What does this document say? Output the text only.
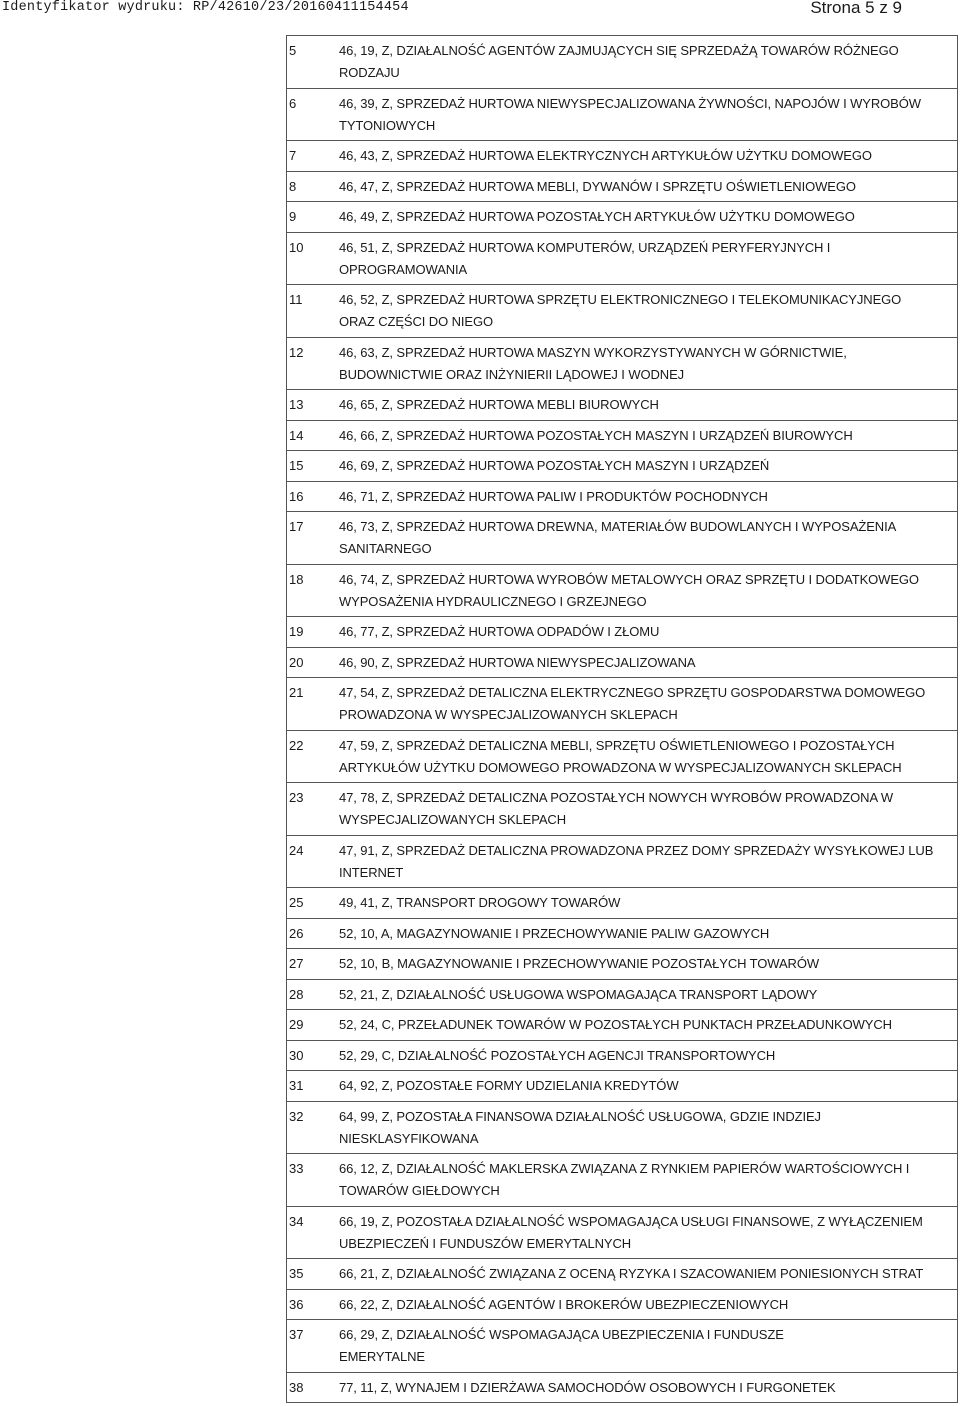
Identyfikator wydruku: RP/42610/23/20160411154454	Strona 5 z 9
5	46, 19, Z, DZIAŁALNOŚĆ AGENTÓW ZAJMUJĄCYCH SIĘ SPRZEDAŻĄ TOWARÓW RÓŻNEGO
RODZAJU
6	46, 39, Z, SPRZEDAŻ HURTOWA NIEWYSPECJALIZOWANA ŻYWNOŚCI, NAPOJÓW I WYROBÓW
TYTONIOWYCH
7	46, 43, Z, SPRZEDAŻ HURTOWA ELEKTRYCZNYCH ARTYKUŁÓW UŻYTKU DOMOWEGO
8	46, 47, Z, SPRZEDAŻ HURTOWA MEBLI, DYWANÓW I SPRZĘTU OŚWIETLENIOWEGO
9	46, 49, Z, SPRZEDAŻ HURTOWA POZOSTAŁYCH ARTYKUŁÓW UŻYTKU DOMOWEGO
10	46, 51, Z, SPRZEDAŻ HURTOWA KOMPUTERÓW, URZĄDZEŃ PERYFERYJNYCH I
OPROGRAMOWANIA
11	46, 52, Z, SPRZEDAŻ HURTOWA SPRZĘTU ELEKTRONICZNEGO I TELEKOMUNIKACYJNEGO
ORAZ CZĘŚCI DO NIEGO
12	46, 63, Z, SPRZEDAŻ HURTOWA MASZYN WYKORZYSTYWANYCH W GÓRNICTWIE,
BUDOWNICTWIE ORAZ INŻYNIERII LĄDOWEJ I WODNEJ
13	46, 65, Z, SPRZEDAŻ HURTOWA MEBLI BIUROWYCH
14	46, 66, Z, SPRZEDAŻ HURTOWA POZOSTAŁYCH MASZYN I URZĄDZEŃ BIUROWYCH
15	46, 69, Z, SPRZEDAŻ HURTOWA POZOSTAŁYCH MASZYN I URZĄDZEŃ
16	46, 71, Z, SPRZEDAŻ HURTOWA PALIW I PRODUKTÓW POCHODNYCH
17	46, 73, Z, SPRZEDAŻ HURTOWA DREWNA, MATERIAŁÓW BUDOWLANYCH I WYPOSAŻENIA
SANITARNEGO
18	46, 74, Z, SPRZEDAŻ HURTOWA WYROBÓW METALOWYCH ORAZ SPRZĘTU I DODATKOWEGO
WYPOSAŻENIA HYDRAULICZNEGO I GRZEJNEGO
19	46, 77, Z, SPRZEDAŻ HURTOWA ODPADÓW I ZŁOMU
20	46, 90, Z, SPRZEDAŻ HURTOWA NIEWYSPECJALIZOWANA
21	47, 54, Z, SPRZEDAŻ DETALICZNA ELEKTRYCZNEGO SPRZĘTU GOSPODARSTWA DOMOWEGO
PROWADZONA W WYSPECJALIZOWANYCH SKLEPACH
22	47, 59, Z, SPRZEDAŻ DETALICZNA MEBLI, SPRZĘTU OŚWIETLENIOWEGO I POZOSTAŁYCH
ARTYKUŁÓW UŻYTKU DOMOWEGO PROWADZONA W WYSPECJALIZOWANYCH SKLEPACH
23	47, 78, Z, SPRZEDAŻ DETALICZNA POZOSTAŁYCH NOWYCH WYROBÓW PROWADZONA W
WYSPECJALIZOWANYCH SKLEPACH
24	47, 91, Z, SPRZEDAŻ DETALICZNA PROWADZONA PRZEZ DOMY SPRZEDAŻY WYSYŁKOWEJ LUB
INTERNET
25	49, 41, Z, TRANSPORT DROGOWY TOWARÓW
26	52, 10, A, MAGAZYNOWANIE I PRZECHOWYWANIE PALIW GAZOWYCH
27	52, 10, B, MAGAZYNOWANIE I PRZECHOWYWANIE POZOSTAŁYCH TOWARÓW
28	52, 21, Z, DZIAŁALNOŚĆ USŁUGOWA WSPOMAGAJĄCA TRANSPORT LĄDOWY
29	52, 24, C, PRZEŁADUNEK TOWARÓW W POZOSTAŁYCH PUNKTACH PRZEŁADUNKOWYCH
30	52, 29, C, DZIAŁALNOŚĆ POZOSTAŁYCH AGENCJI TRANSPORTOWYCH
31	64, 92, Z, POZOSTAŁE FORMY UDZIELANIA KREDYTÓW
32	64, 99, Z, POZOSTAŁA FINANSOWA DZIAŁALNOŚĆ USŁUGOWA, GDZIE INDZIEJ
NIESKLASYFIKOWANA
33	66, 12, Z, DZIAŁALNOŚĆ MAKLERSKA ZWIĄZANA Z RYNKIEM PAPIERÓW WARTOŚCIOWYCH I
TOWARÓW GIEŁDOWYCH
34	66, 19, Z, POZOSTAŁA DZIAŁALNOŚĆ WSPOMAGAJĄCA USŁUGI FINANSOWE, Z WYŁĄCZENIEM
UBEZPIECZEŃ I FUNDUSZÓW EMERYTALNYCH
35	66, 21, Z, DZIAŁALNOŚĆ ZWIĄZANA Z OCENĄ RYZYKA I SZACOWANIEM PONIESIONYCH STRAT
36	66, 22, Z, DZIAŁALNOŚĆ AGENTÓW I BROKERÓW UBEZPIECZENIOWYCH
37	66, 29, Z, DZIAŁALNOŚĆ WSPOMAGAJĄCA UBEZPIECZENIA I FUNDUSZE
EMERYTALNE
38	77, 11, Z, WYNAJEM I DZIERŻAWA SAMOCHODÓW OSOBOWYCH I FURGONETEK
